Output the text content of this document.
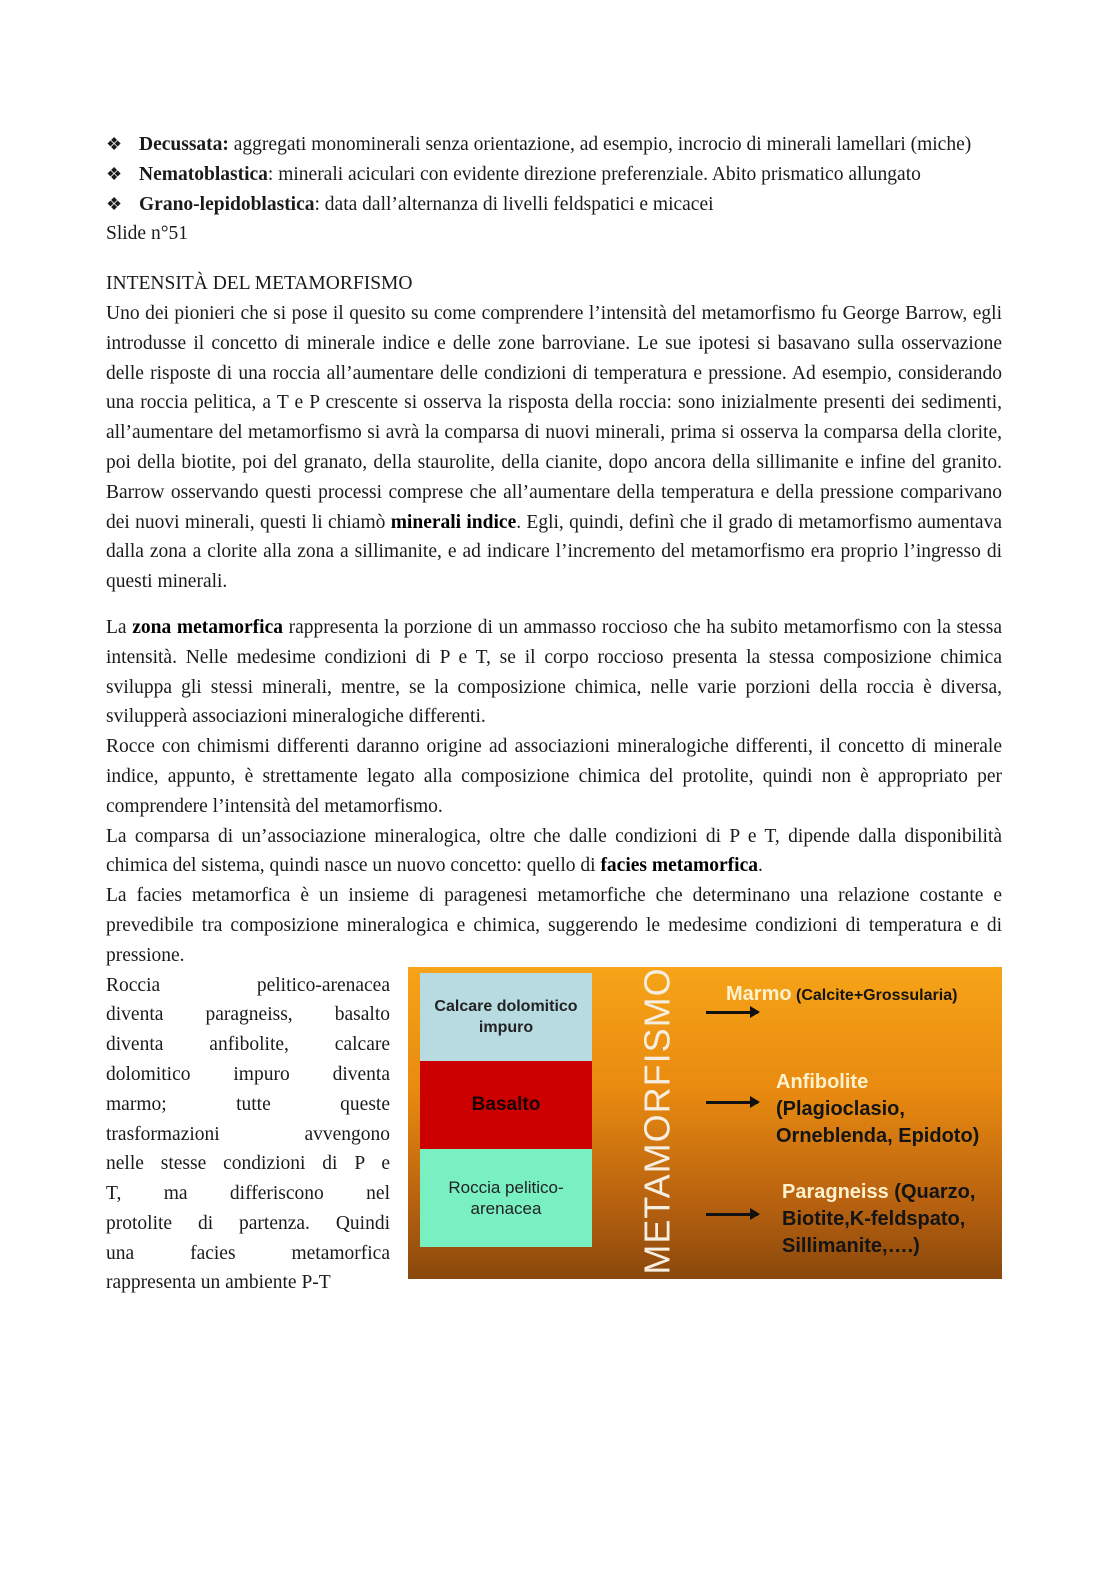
❖ Decussata: aggregati monominerali senza orientazione, ad esempio, incrocio di minerali lamellari (miche)
❖ Nematoblastica: minerali aciculari con evidente direzione preferenziale. Abito prismatico allungato
❖ Grano-lepidoblastica: data dall’alternanza di livelli feldspatici e micacei

Slide n°51

INTENSITÀ DEL METAMORFISMO

Uno dei pionieri che si pose il quesito su come comprendere l’intensità del metamorfismo fu George Barrow, egli introdusse il concetto di minerale indice e delle zone barroviane. Le sue ipotesi si basavano sulla osservazione delle risposte di una roccia all’aumentare delle condizioni di temperatura e pressione. Ad esempio, considerando una roccia pelitica, a T e P crescente si osserva la risposta della roccia: sono inizialmente presenti dei sedimenti, all’aumentare del metamorfismo si avrà la comparsa di nuovi minerali, prima si osserva la comparsa della clorite, poi della biotite, poi del granato, della staurolite, della cianite, dopo ancora della sillimanite e infine del granito. Barrow osservando questi processi comprese che all’aumentare della temperatura e della pressione comparivano dei nuovi minerali, questi li chiamò minerali indice. Egli, quindi, definì che il grado di metamorfismo aumentava dalla zona a clorite alla zona a sillimanite, e ad indicare l’incremento del metamorfismo era proprio l’ingresso di questi minerali.

La zona metamorfica rappresenta la porzione di un ammasso roccioso che ha subito metamorfismo con la stessa intensità. Nelle medesime condizioni di P e T, se il corpo roccioso presenta la stessa composizione chimica sviluppa gli stessi minerali, mentre, se la composizione chimica, nelle varie porzioni della roccia è diversa, svilupperà associazioni mineralogiche differenti.

Rocce con chimismi differenti daranno origine ad associazioni mineralogiche differenti, il concetto di minerale indice, appunto, è strettamente legato alla composizione chimica del protolite, quindi non è appropriato per comprendere l’intensità del metamorfismo.

La comparsa di un’associazione mineralogica, oltre che dalle condizioni di P e T, dipende dalla disponibilità chimica del sistema, quindi nasce un nuovo concetto: quello di facies metamorfica.

La facies metamorfica è un insieme di paragenesi metamorfiche che determinano una relazione costante e prevedibile tra composizione mineralogica e chimica, suggerendo le medesime condizioni di temperatura e di pressione.

Roccia pelitico-arenacea
diventa paragneiss, basalto
diventa anfibolite, calcare
dolomitico impuro diventa
marmo; tutte queste
trasformazioni avvengono
nelle stesse condizioni di P e
T, ma differiscono nel
protolite di partenza. Quindi
una facies metamorfica
rappresenta un ambiente P-T
Calcare dolomitico impuro
Basalto
Roccia pelitico-arenacea	METAMORFISMO Marmo (Calcite+Grossularia)
Anfibolite
(Plagioclasio, Orneblenda, Epidoto)
Paragneiss (Quarzo, Biotite,K-feldspato, Sillimanite,….)
